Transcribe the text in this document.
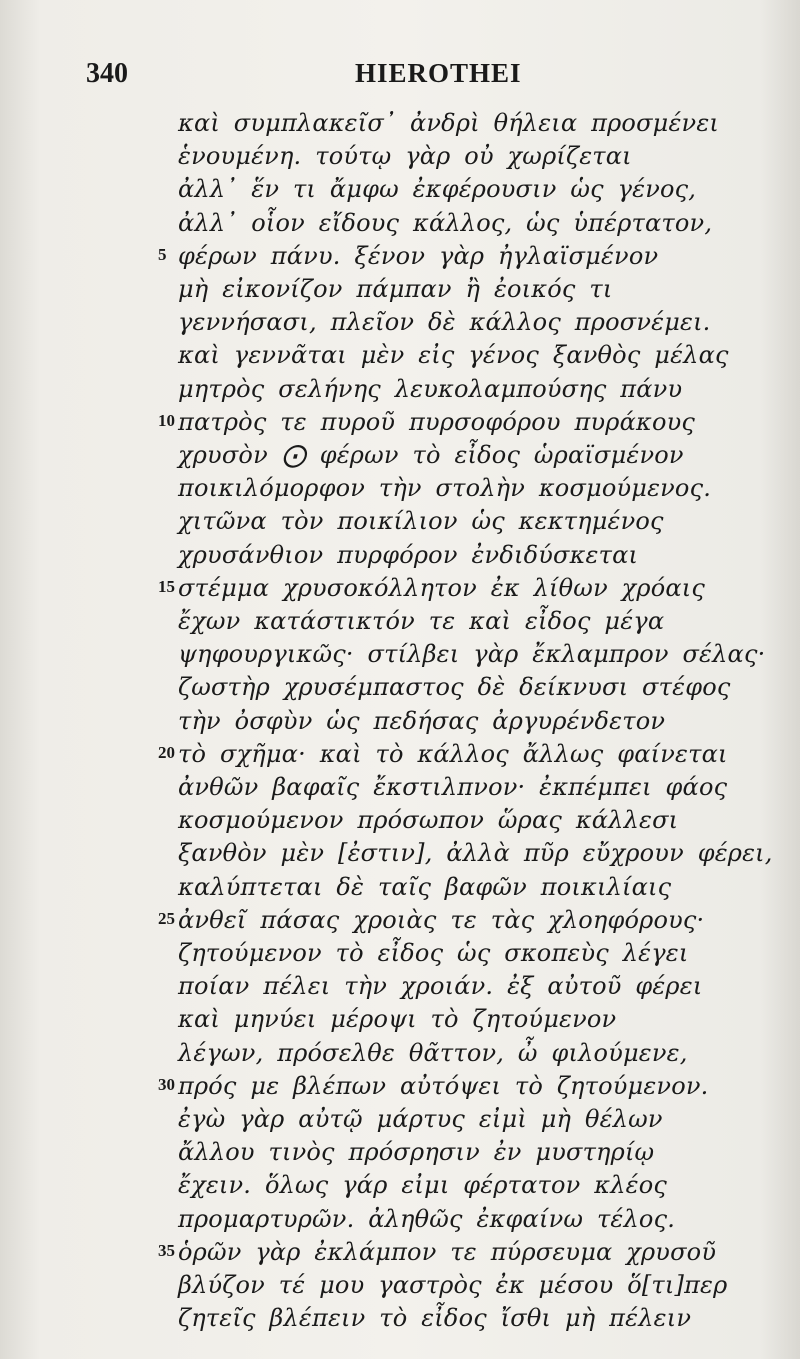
340	HIEROTHEI
καὶ συμπλακεῖσ᾽ ἀνδρὶ θήλεια προσμένει
ἑνουμένη. τούτῳ γὰρ οὐ χωρίζεται
ἀλλ᾽ ἕν τι ἄμφω ἐκφέρουσιν ὡς γένος,
ἀλλ᾽ οἷον εἴδους κάλλος, ὡς ὑπέρτατον,
5 φέρων πάνυ. ξένον γὰρ ἠγλαϊσμένον
μὴ εἰκονίζον πάμπαν ἢ ἐοικός τι
γεννήσασι, πλεῖον δὲ κάλλος προσνέμει.
καὶ γεννᾶται μὲν εἰς γένος ξανθὸς μέλας
μητρὸς σελήνης λευκολαμπούσης πάνυ
10 πατρὸς τε πυροῦ πυρσοφόρου πυράκους
χρυσὸν ⨀ φέρων τὸ εἶδος ὡραϊσμένον
ποικιλόμορφον τὴν στολὴν κοσμούμενος.
χιτῶνα τὸν ποικίλιον ὡς κεκτημένος
χρυσάνθιον πυρφόρον ἐνδιδύσκεται
15 στέμμα χρυσοκόλλητον ἐκ λίθων χρόαις
ἔχων κατάστικτόν τε καὶ εἶδος μέγα
ψηφουργικῶς· στίλβει γὰρ ἔκλαμπρον σέλας·
ζωστὴρ χρυσέμπαστος δὲ δείκνυσι στέφος
τὴν ὀσφὺν ὡς πεδήσας ἀργυρένδετον
20 τὸ σχῆμα· καὶ τὸ κάλλος ἄλλως φαίνεται
ἀνθῶν βαφαῖς ἔκστιλπνον· ἐκπέμπει φάος
κοσμούμενον πρόσωπον ὥρας κάλλεσι
ξανθὸν μὲν [ἐστιν], ἀλλὰ πῦρ εὔχρουν φέρει,
καλύπτεται δὲ ταῖς βαφῶν ποικιλίαις
25 ἀνθεῖ πάσας χροιὰς τε τὰς χλοηφόρους·
ζητούμενον τὸ εἶδος ὡς σκοπεὺς λέγει
ποίαν πέλει τὴν χροιάν. ἐξ αὐτοῦ φέρει
καὶ μηνύει μέροψι τὸ ζητούμενον
λέγων, πρόσελθε θᾶττον, ὦ φιλούμενε,
30 πρός με βλέπων αὐτόψει τὸ ζητούμενον.
ἐγὼ γὰρ αὐτῷ μάρτυς εἰμὶ μὴ θέλων
ἄλλου τινὸς πρόσρησιν ἐν μυστηρίῳ
ἔχειν. ὅλως γάρ εἰμι φέρτατον κλέος
προμαρτυρῶν. ἀληθῶς ἐκφαίνω τέλος.
35 ὁρῶν γὰρ ἐκλάμπον τε πύρσευμα χρυσοῦ
βλύζον τέ μου γαστρὸς ἐκ μέσου ὅ[τι]περ
ζητεῖς βλέπειν τὸ εἶδος ἴσθι μὴ πέλειν
